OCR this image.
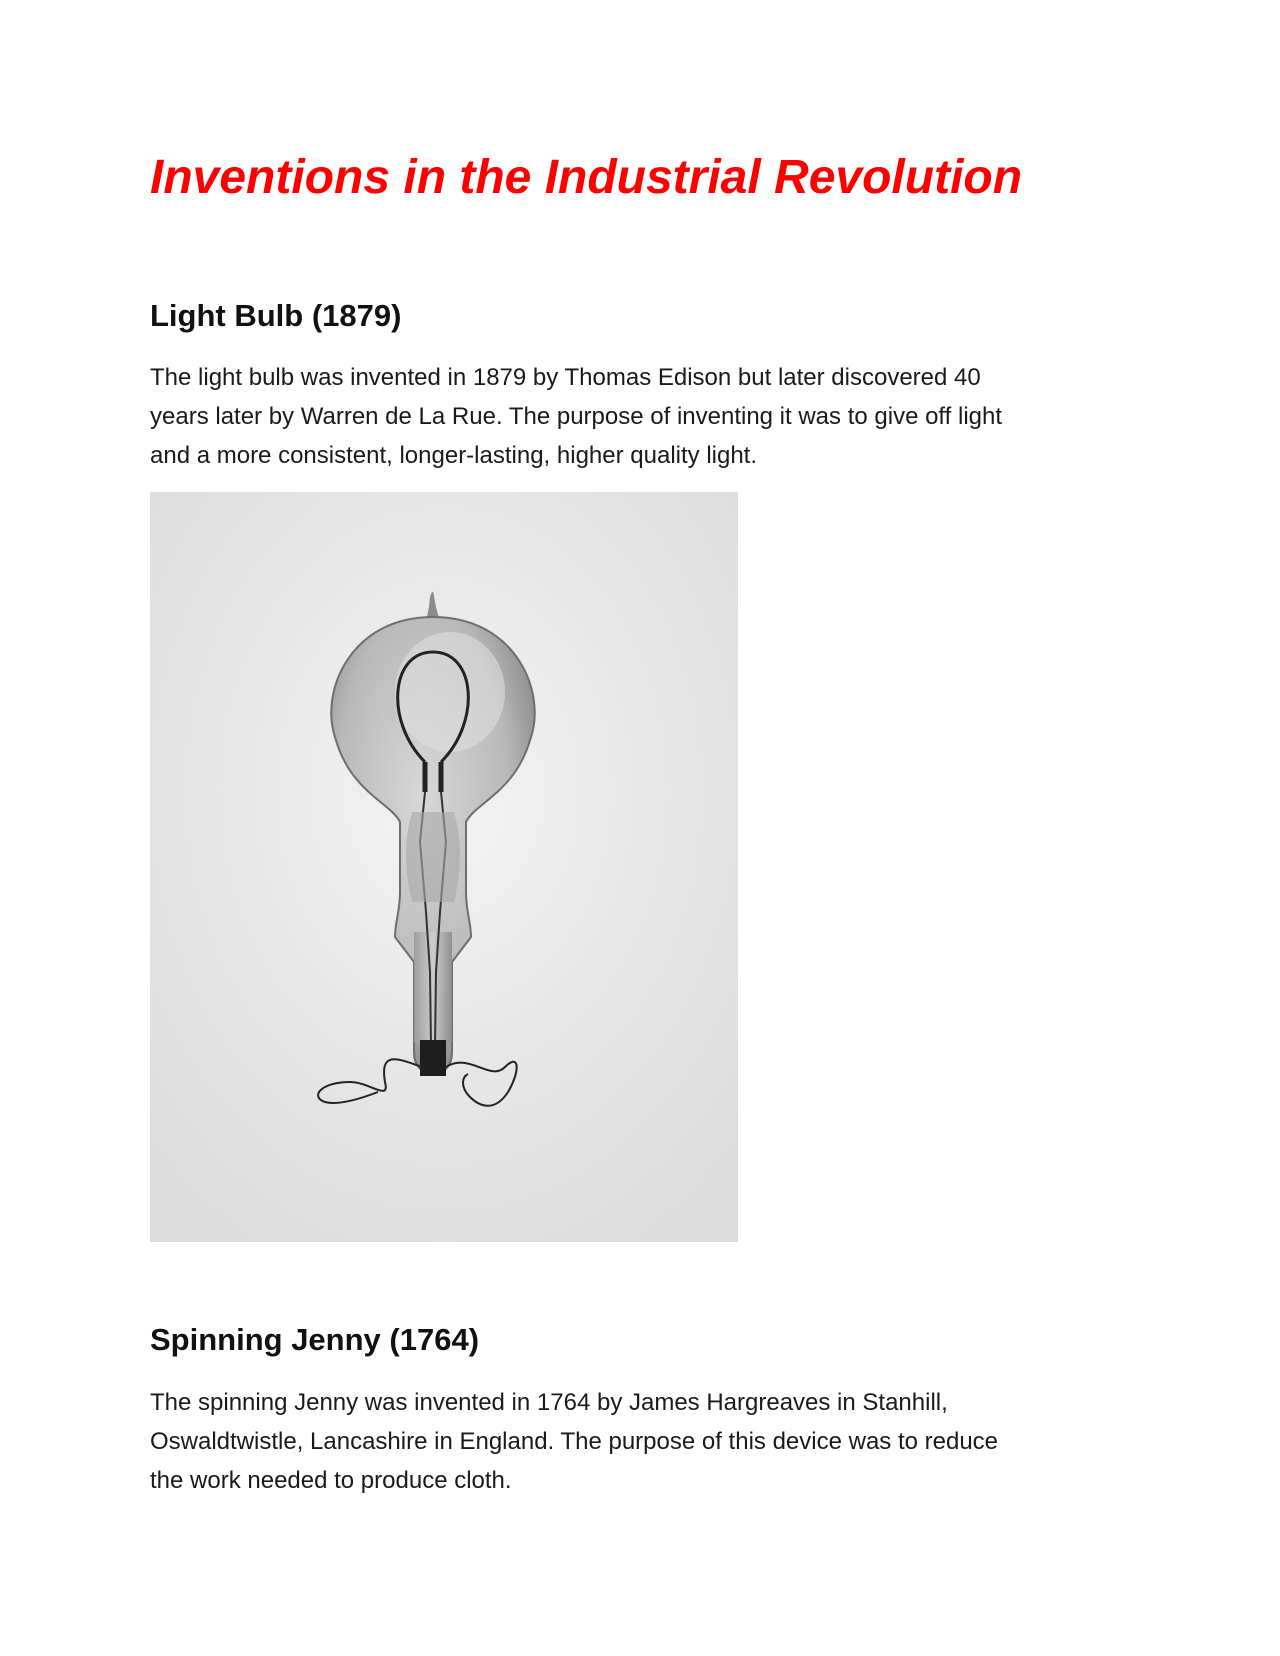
Inventions in the Industrial Revolution
Light Bulb (1879)

The light bulb was invented in 1879 by Thomas Edison but later discovered 40
years later by Warren de La Rue. The purpose of inventing it was to give off light
and a more consistent, longer-lasting, higher quality light.

Spinning Jenny (1764)

The spinning Jenny was invented in 1764 by James Hargreaves in Stanhill,
Oswaldtwistle, Lancashire in England. The purpose of this device was to reduce
the work needed to produce cloth.
